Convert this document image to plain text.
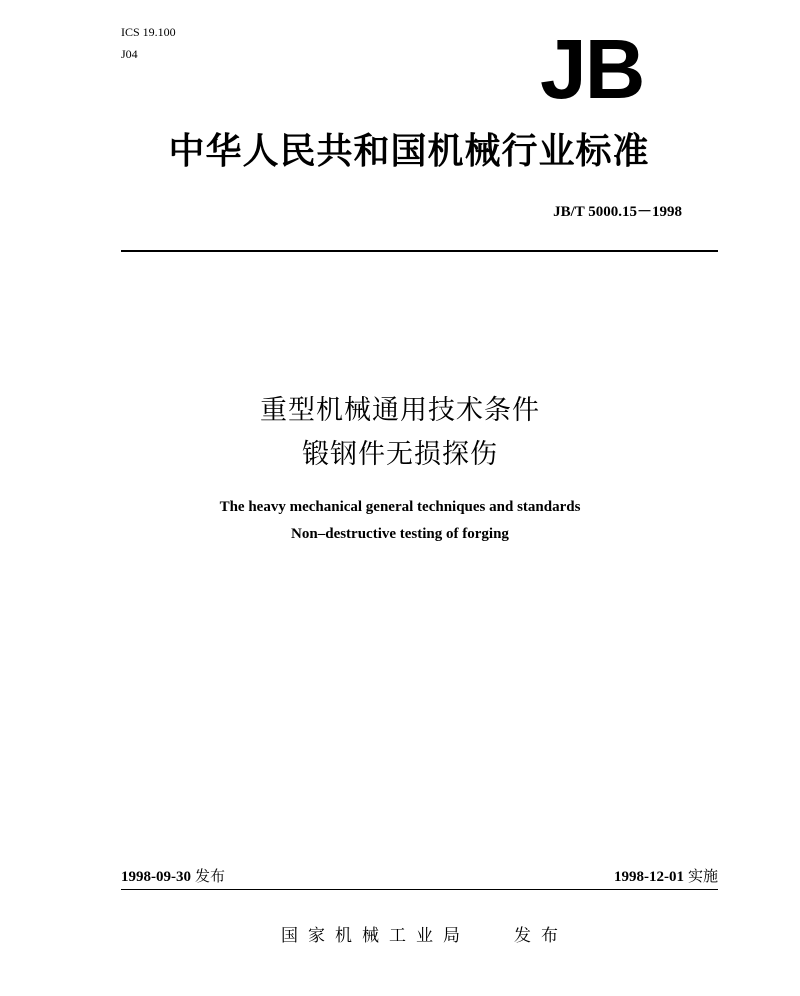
ICS 19.100
J04	JB
中华人民共和国机械行业标准
JB/T 5000.15－1998
重型机械通用技术条件
锻钢件无损探伤
The heavy mechanical general techniques and standards
Non–destructive testing of forging
1998-09-30 发布	1998-12-01 实施
国家机械工业局	发布
